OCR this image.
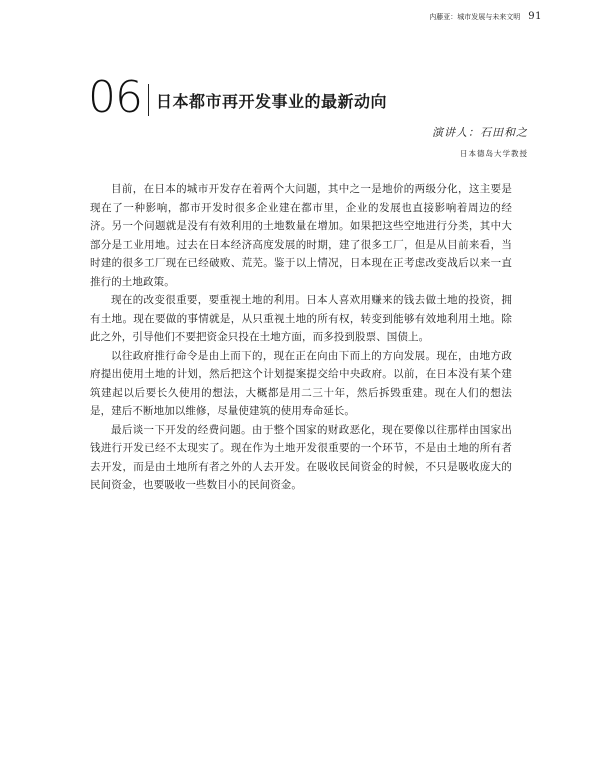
内藤亚：城市发展与未来文明 91
06 日本都市再开发事业的最新动向
演讲人：石田和之
日本德岛大学教授

目前，在日本的城市开发存在着两个大问题，其中之一是地价的两级分化，这主要是现在了一种影响，都市开发时很多企业建在都市里，企业的发展也直接影响着周边的经济。另一个问题就是没有有效利用的土地数量在增加。如果把这些空地进行分类，其中大部分是工业用地。过去在日本经济高度发展的时期，建了很多工厂，但是从目前来看，当时建的很多工厂现在已经破败、荒芜。鉴于以上情况，日本现在正考虑改变战后以来一直推行的土地政策。

现在的改变很重要，要重视土地的利用。日本人喜欢用赚来的钱去做土地的投资，拥有土地。现在要做的事情就是，从只重视土地的所有权，转变到能够有效地利用土地。除此之外，引导他们不要把资金只投在土地方面，而多投到股票、国债上。

以往政府推行命令是由上而下的，现在正在向由下而上的方向发展。现在，由地方政府提出使用土地的计划，然后把这个计划提案提交给中央政府。以前，在日本没有某个建筑建起以后要长久使用的想法，大概都是用二三十年，然后拆毁重建。现在人们的想法是，建后不断地加以维修，尽量使建筑的使用寿命延长。

最后谈一下开发的经费问题。由于整个国家的财政恶化，现在要像以往那样由国家出钱进行开发已经不太现实了。现在作为土地开发很重要的一个环节，不是由土地的所有者去开发，而是由土地所有者之外的人去开发。在吸收民间资金的时候，不只是吸收庞大的民间资金，也要吸收一些数目小的民间资金。
